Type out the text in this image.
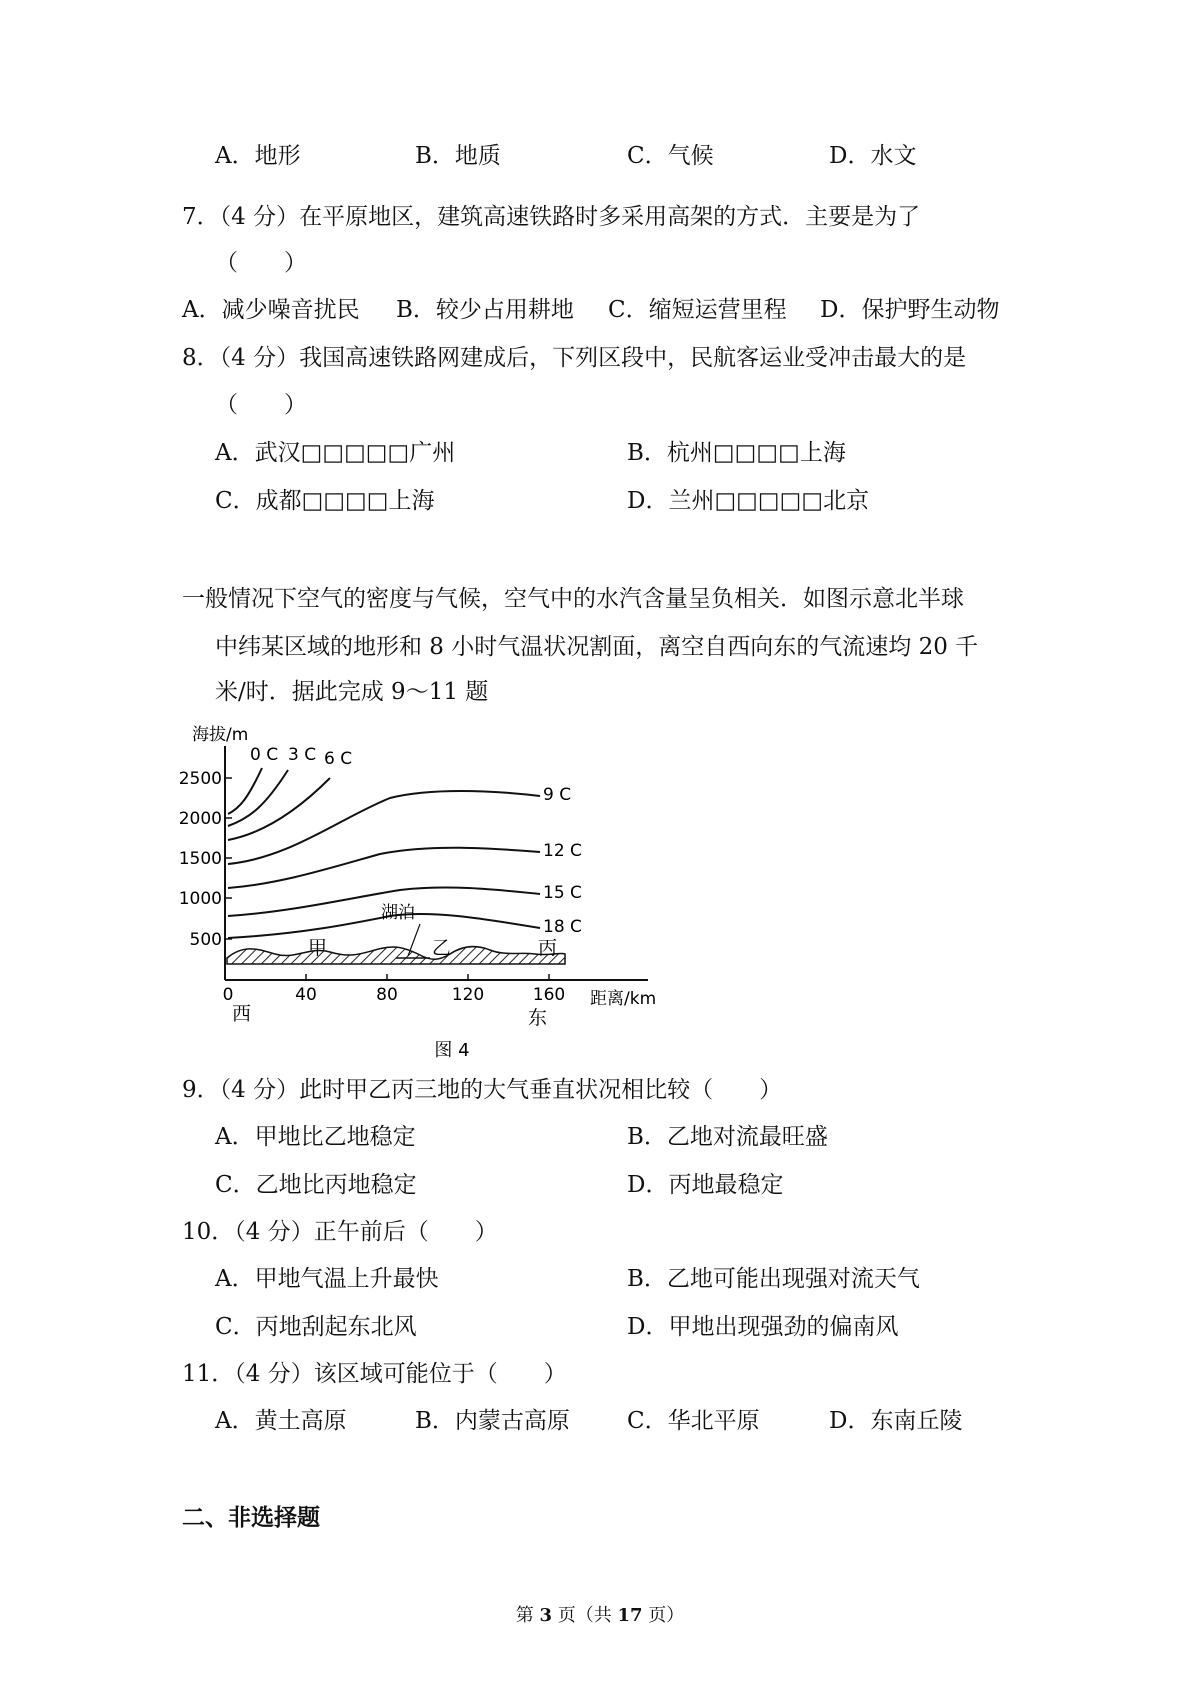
A．地形	B．地质	C．气候	D．水文
7．（4 分）在平原地区，建筑高速铁路时多采用高架的方式．主要是为了
（　　）
A．减少噪音扰民 B．较少占用耕地 C．缩短运营里程 D．保护野生动物
8．（4 分）我国高速铁路网建成后，下列区段中，民航客运业受冲击最大的是
（　　）
A．武汉□□□□□广州	B．杭州□□□□上海
C．成都□□□□上海	D．兰州□□□□□北京
一般情况下空气的密度与气候，空气中的水汽含量呈负相关．如图示意北半球
中纬某区域的地形和 8 小时气温状况割面，离空自西向东的气流速均 20 千
米/时．据此完成 9～11 题
海拔/m
2500
2000
1500
1000
500
0	40	80	120	160 距离/km
西	东
0 C 3 C 6 C
9 C
12 C
15 C
18 C
甲
湖泊
乙	丙
图 4
9．（4 分）此时甲乙丙三地的大气垂直状况相比较（　　）
A．甲地比乙地稳定	B．乙地对流最旺盛
C．乙地比丙地稳定	D．丙地最稳定
10．（4 分）正午前后（　　）
A．甲地气温上升最快	B．乙地可能出现强对流天气
C．丙地刮起东北风	D．甲地出现强劲的偏南风
11．（4 分）该区域可能位于（　　）
A．黄土高原	B．内蒙古高原 C．华北平原	D．东南丘陵
二、非选择题
第 3 页（共 17 页）
